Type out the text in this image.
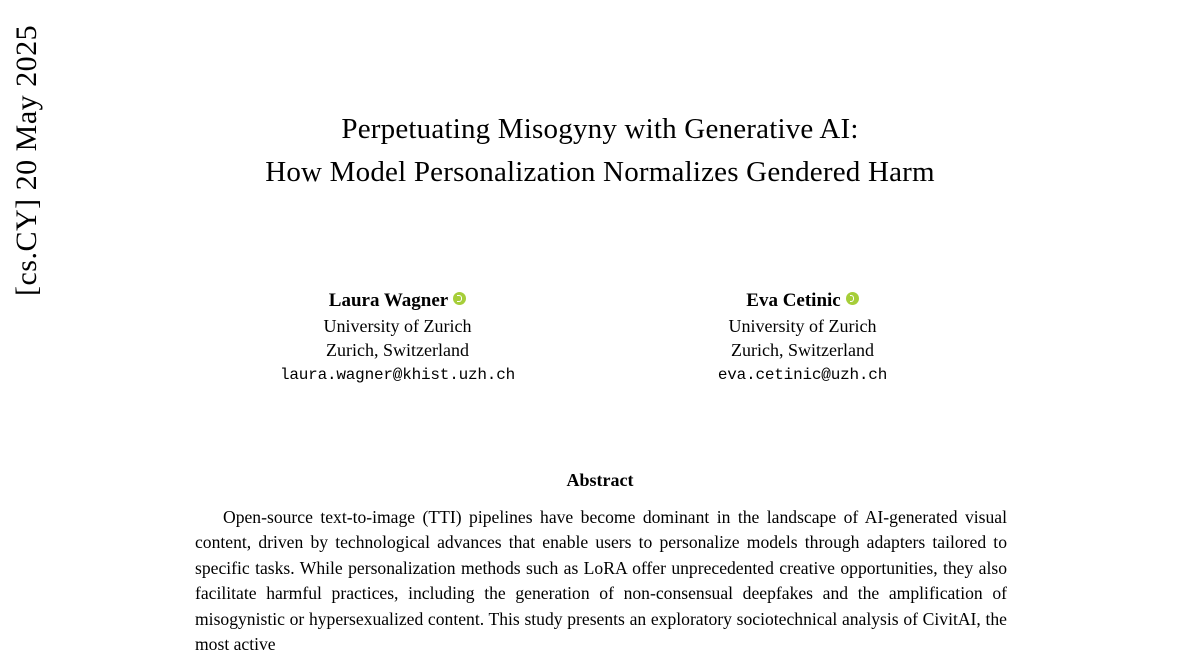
[cs.CY] 20 May 2025	Perpetuating Misogyny with Generative AI:
How Model Personalization Normalizes Gendered Harm
Laura Wagner
University of Zurich
Zurich, Switzerland
laura.wagner@khist.uzh.ch
Eva Cetinic
University of Zurich
Zurich, Switzerland
eva.cetinic@uzh.ch
Abstract

Open-source text-to-image (TTI) pipelines have become dominant in the landscape of AI-generated visual content, driven by technological advances that enable users to personalize models through adapters tailored to specific tasks. While personalization methods such as LoRA offer unprecedented creative opportunities, they also facilitate harmful practices, including the generation of non-consensual deepfakes and the amplification of misogynistic or hypersexualized content. This study presents an exploratory sociotechnical analysis of CivitAI, the most active
